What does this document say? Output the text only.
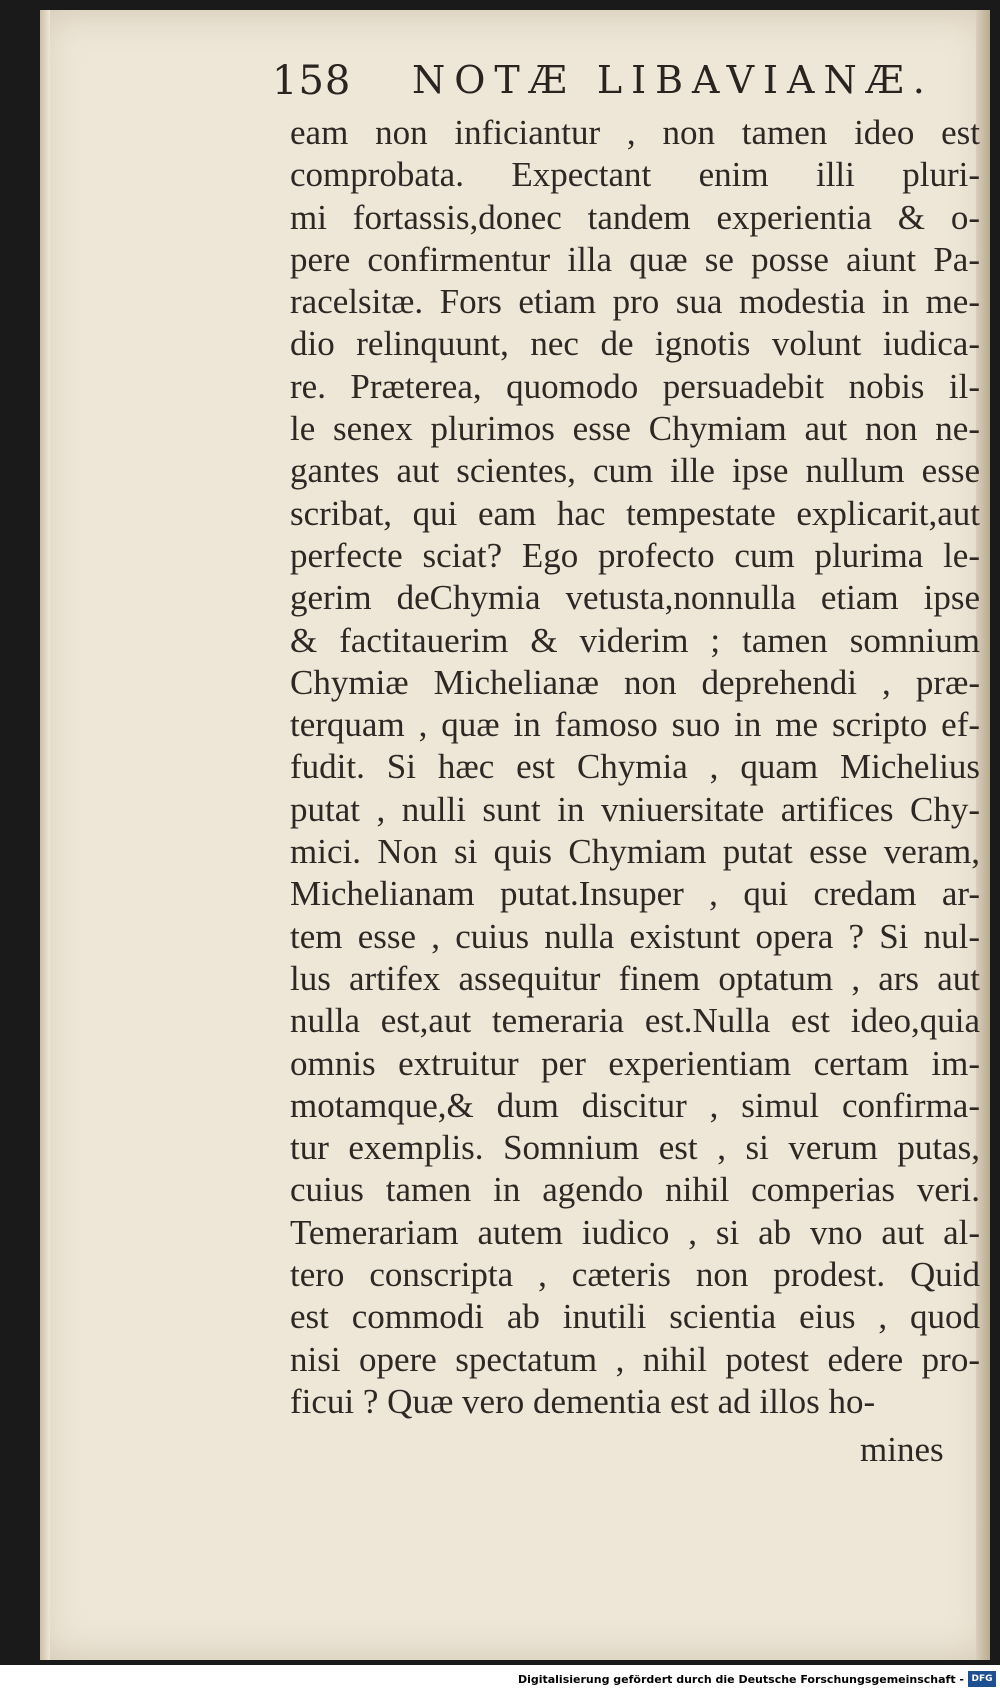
158 NOTÆ LIBAVIANÆ.
eam non inficiantur , non tamen ideo est
comprobata. Expectant enim illi pluri-
mi fortassis,donec tandem experientia & o-
pere confirmentur illa quæ se posse aiunt Pa-
racelsitæ. Fors etiam pro sua modestia in me-
dio relinquunt, nec de ignotis volunt iudica-
re. Præterea, quomodo persuadebit nobis il-
le senex plurimos esse Chymiam aut non ne-
gantes aut scientes, cum ille ipse nullum esse
scribat, qui eam hac tempestate explicarit,aut
perfecte sciat? Ego profecto cum plurima le-
gerim deChymia vetusta,nonnulla etiam ipse
& factitauerim & viderim ; tamen somnium
Chymiæ Michelianæ non deprehendi , præ-
terquam , quæ in famoso suo in me scripto ef-
fudit. Si hæc est Chymia , quam Michelius
putat , nulli sunt in vniuersitate artifices Chy-
mici. Non si quis Chymiam putat esse veram,
Michelianam putat.Insuper , qui credam ar-
tem esse , cuius nulla existunt opera ? Si nul-
lus artifex assequitur finem optatum , ars aut
nulla est,aut temeraria est.Nulla est ideo,quia
omnis extruitur per experientiam certam im-
motamque,& dum discitur , simul confirma-
tur exemplis. Somnium est , si verum putas,
cuius tamen in agendo nihil comperias veri.
Temerariam autem iudico , si ab vno aut al-
tero conscripta , cæteris non prodest. Quid
est commodi ab inutili scientia eius , quod
nisi opere spectatum , nihil potest edere pro-
ficui ? Quæ vero dementia est ad illos ho-
mines
Digitalisierung gefördert durch die Deutsche Forschungsgemeinschaft - DFG
